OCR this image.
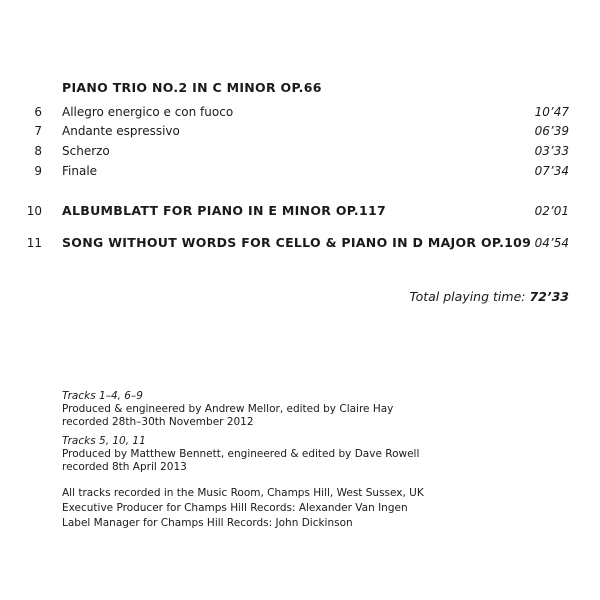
PIANO TRIO NO.2 IN C MINOR OP.66
6 Allegro energico e con fuoco	10’47
7 Andante espressivo	06’39
8 Scherzo	03’33
9 Finale	07’34
10 ALBUMBLATT FOR PIANO IN E MINOR OP.117	02’01
11 SONG WITHOUT WORDS FOR CELLO & PIANO IN D MAJOR OP.109 04’54
Total playing time: 72’33
Tracks 1–4, 6–9
Produced & engineered by Andrew Mellor, edited by Claire Hay
recorded 28th–30th November 2012
Tracks 5, 10, 11
Produced by Matthew Bennett, engineered & edited by Dave Rowell
recorded 8th April 2013
All tracks recorded in the Music Room, Champs Hill, West Sussex, UK
Executive Producer for Champs Hill Records: Alexander Van Ingen
Label Manager for Champs Hill Records: John Dickinson
